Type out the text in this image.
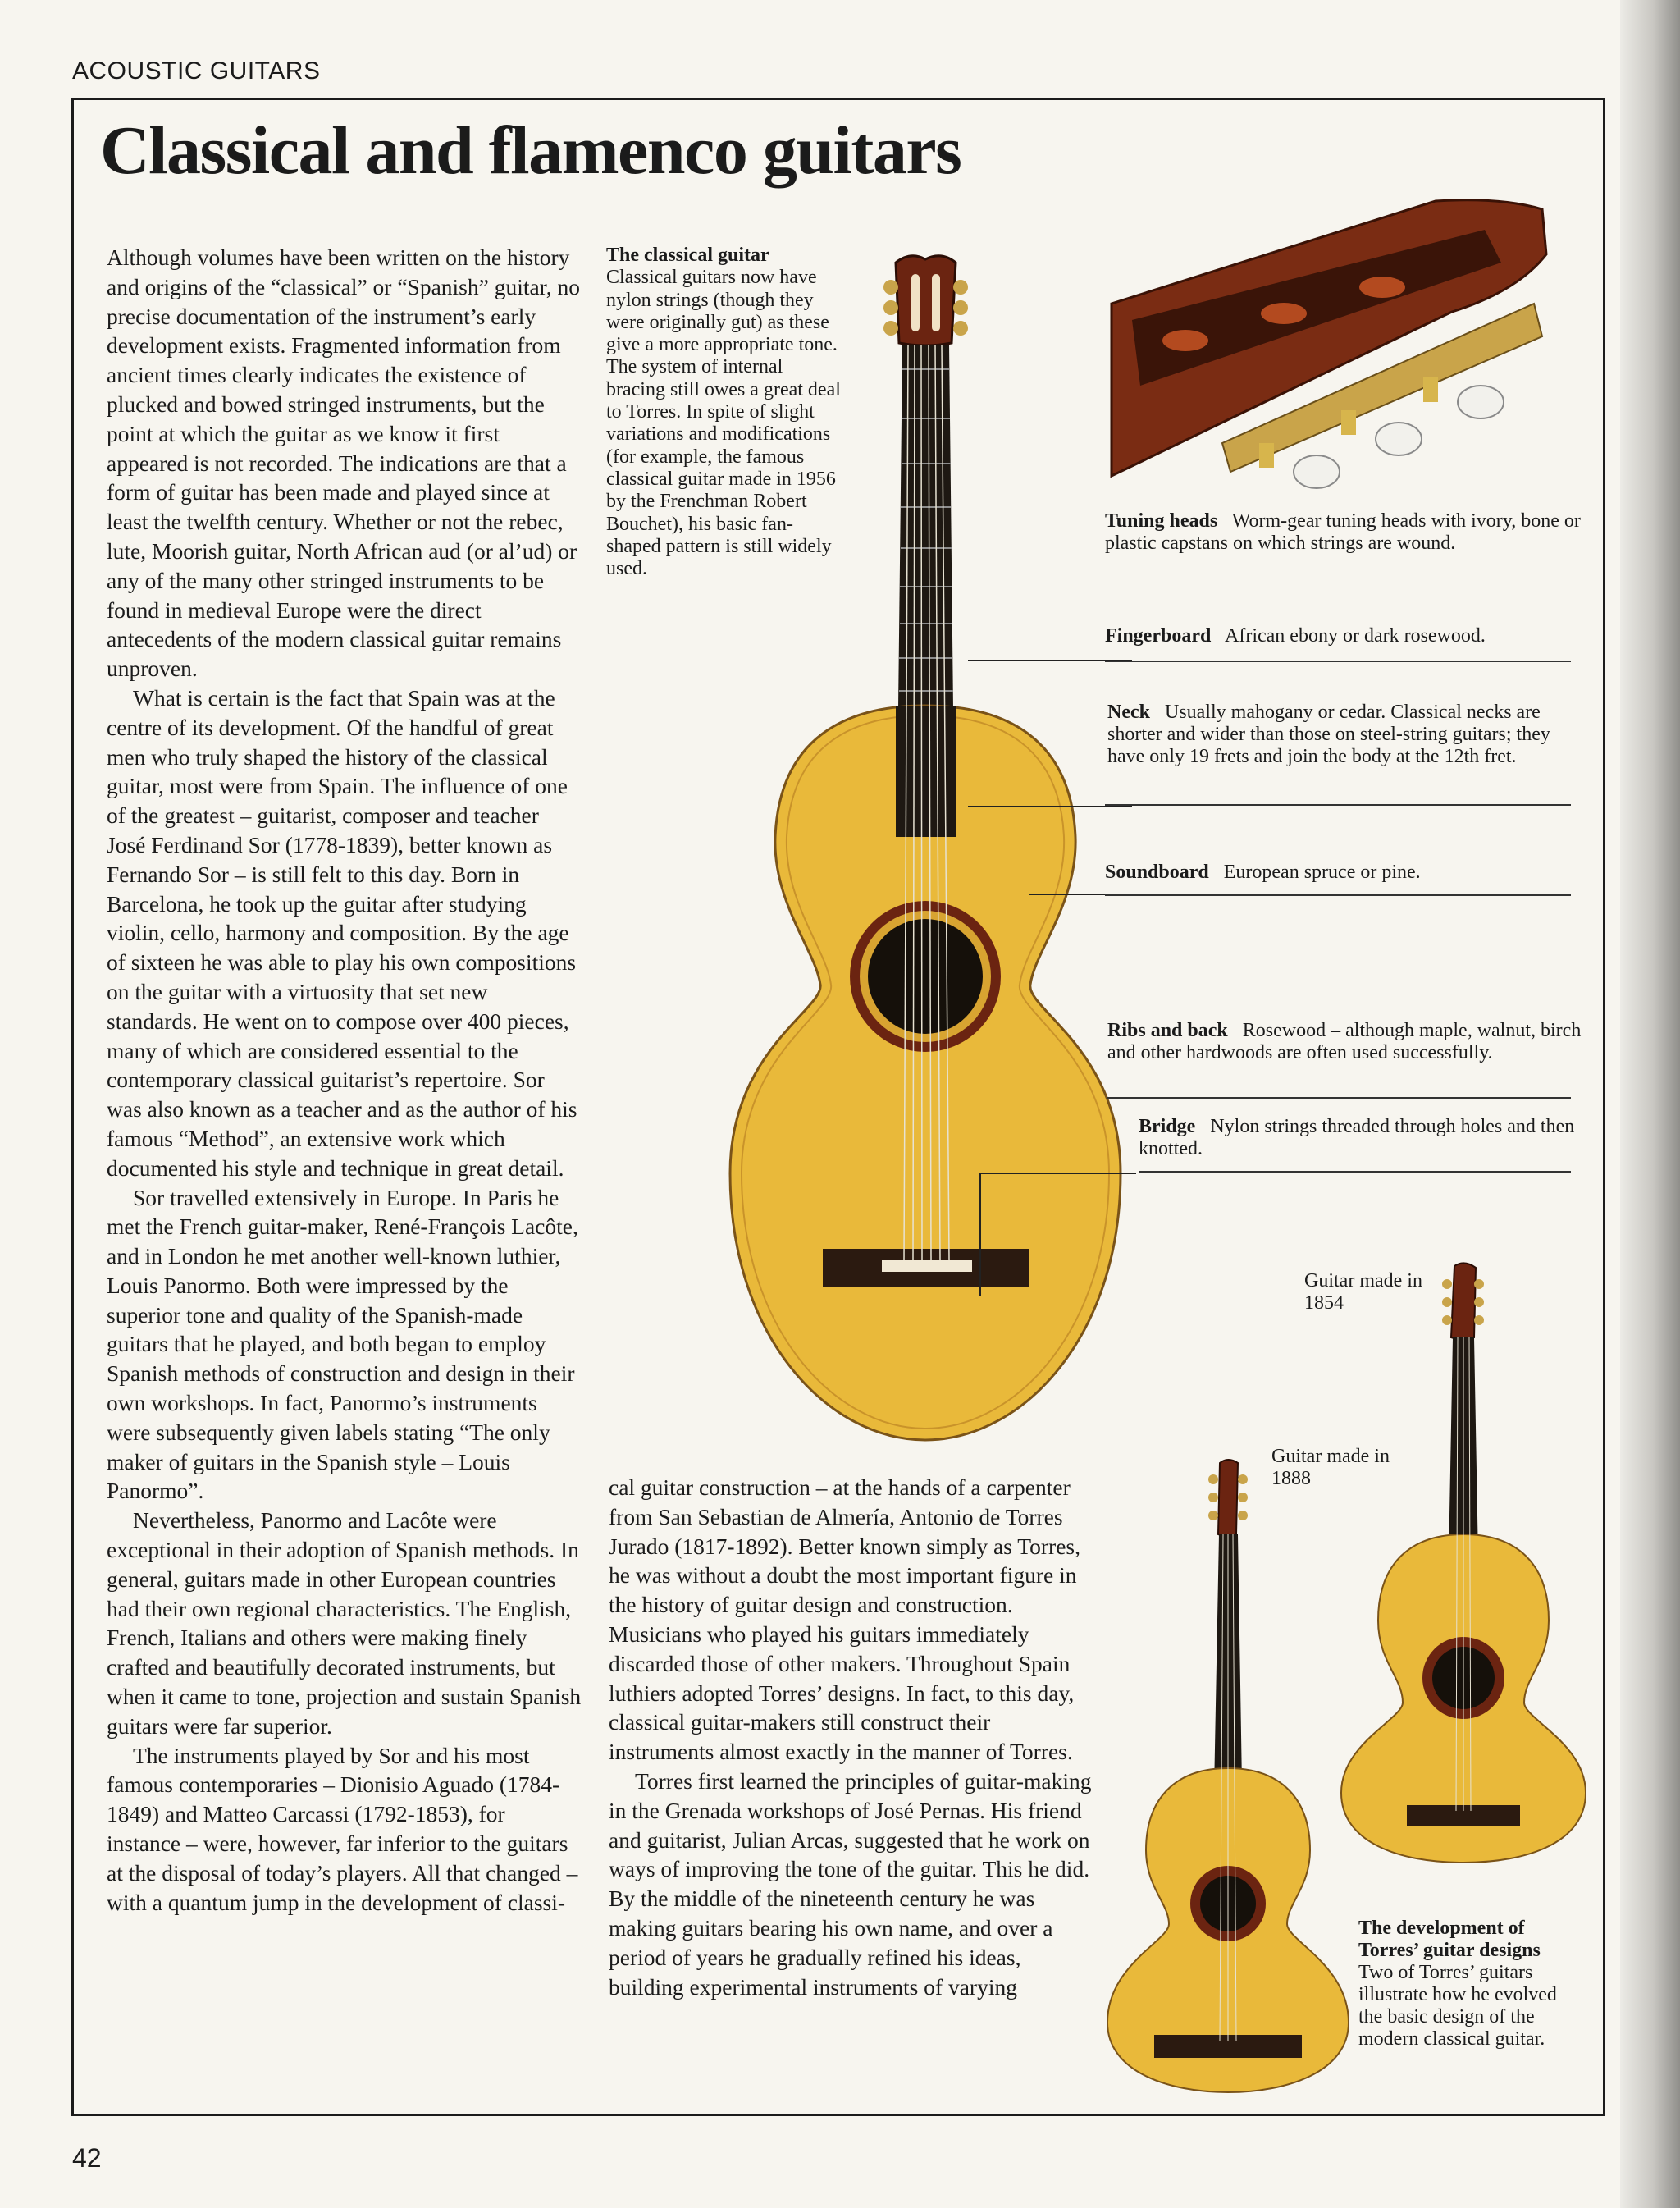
ACOUSTIC GUITARS
Classical and flamenco guitars

Although volumes have been written on the history and origins of the “classical” or “Spanish” guitar, no precise documentation of the instrument’s early development exists. Fragmented information from ancient times clearly indicates the existence of plucked and bowed stringed instruments, but the point at which the guitar as we know it first appeared is not recorded. The indications are that a form of guitar has been made and played since at least the twelfth century. Whether or not the rebec, lute, Moorish guitar, North African aud (or al’ud) or any of the many other stringed instruments to be found in medieval Europe were the direct antecedents of the modern classical guitar remains unproven.

What is certain is the fact that Spain was at the centre of its development. Of the handful of great men who truly shaped the history of the classical guitar, most were from Spain. The influence of one of the greatest – guitarist, composer and teacher José Ferdinand Sor (1778-1839), better known as Fernando Sor – is still felt to this day. Born in Barcelona, he took up the guitar after studying violin, cello, harmony and composition. By the age of sixteen he was able to play his own compositions on the guitar with a virtuosity that set new standards. He went on to compose over 400 pieces, many of which are considered essential to the contemporary classical guitarist’s repertoire. Sor was also known as a teacher and as the author of his famous “Method”, an extensive work which documented his style and technique in great detail.

Sor travelled extensively in Europe. In Paris he met the French guitar-maker, René-François Lacôte, and in London he met another well-known luthier, Louis Panormo. Both were impressed by the superior tone and quality of the Spanish-made guitars that he played, and both began to employ Spanish methods of construction and design in their own workshops. In fact, Panormo’s instruments were subsequently given labels stating “The only maker of guitars in the Spanish style – Louis Panormo”.

Nevertheless, Panormo and Lacôte were exceptional in their adoption of Spanish methods. In general, guitars made in other European countries had their own regional characteristics. The English, French, Italians and others were making finely crafted and beautifully decorated instruments, but when it came to tone, projection and sustain Spanish guitars were far superior.

The instruments played by Sor and his most famous contemporaries – Dionisio Aguado (1784-1849) and Matteo Carcassi (1792-1853), for instance – were, however, far inferior to the guitars at the disposal of today’s players. All that changed – with a quantum jump in the development of classi-

cal guitar construction – at the hands of a carpenter from San Sebastian de Almería, Antonio de Torres Jurado (1817-1892). Better known simply as Torres, he was without a doubt the most important figure in the history of guitar design and construction. Musicians who played his guitars immediately discarded those of other makers. Throughout Spain luthiers adopted Torres’ designs. In fact, to this day, classical guitar-makers still construct their instruments almost exactly in the manner of Torres.

Torres first learned the principles of guitar-making in the Grenada workshops of José Pernas. His friend and guitarist, Julian Arcas, suggested that he work on ways of improving the tone of the guitar. This he did. By the middle of the nineteenth century he was making guitars bearing his own name, and over a period of years he gradually refined his ideas, building experimental instruments of varying

The classical guitar
Classical guitars now have nylon strings (though they were originally gut) as these give a more appropriate tone. The system of internal bracing still owes a great deal to Torres. In spite of slight variations and modifications (for example, the famous classical guitar made in 1956 by the Frenchman Robert Bouchet), his basic fan-shaped pattern is still widely used.
Tuning heads Worm-gear tuning heads with ivory, bone or plastic capstans on which strings are wound.
Fingerboard African ebony or dark rosewood.
Neck Usually mahogany or cedar. Classical necks are shorter and wider than those on steel-string guitars; they have only 19 frets and join the body at the 12th fret.
Soundboard European spruce or pine.
Ribs and back Rosewood – although maple, walnut, birch and other hardwoods are often used successfully.
Bridge Nylon strings threaded through holes and then knotted.
Guitar made in 1854
Guitar made in 1888
The development of Torres’ guitar designs
Two of Torres’ guitars illustrate how he evolved the basic design of the modern classical guitar.
42
